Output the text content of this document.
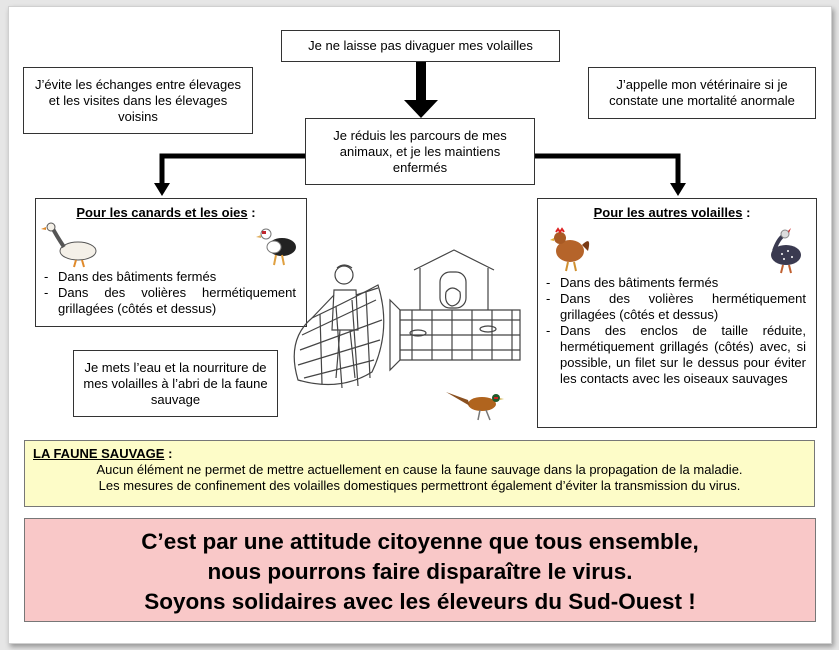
Je ne laisse pas divaguer mes volailles
J’évite les échanges entre élevages et les visites dans les élevages voisins
J’appelle mon vétérinaire si je constate une mortalité anormale
Je réduis les parcours de mes animaux, et je les maintiens enfermés
Pour les canards et les oies :
- Dans des bâtiments fermés
- Dans des volières hermétiquement grillagées (côtés et dessus)
Pour les autres volailles :
- Dans des bâtiments fermés
- Dans des volières hermétiquement grillagées (côtés et dessus)
- Dans des enclos de taille réduite, hermétiquement grillagés (côtés) avec, si possible, un filet sur le dessus pour éviter les contacts avec les oiseaux sauvages
Je mets l’eau et la nourriture de mes volailles à l’abri de la faune sauvage
LA FAUNE SAUVAGE :
Aucun élément ne permet de mettre actuellement en cause la faune sauvage dans la propagation de la maladie.
Les mesures de confinement des volailles domestiques permettront également d’éviter la transmission du virus.
C’est par une attitude citoyenne que tous ensemble,
nous pourrons faire disparaître le virus.
Soyons solidaires avec les éleveurs du Sud-Ouest !
